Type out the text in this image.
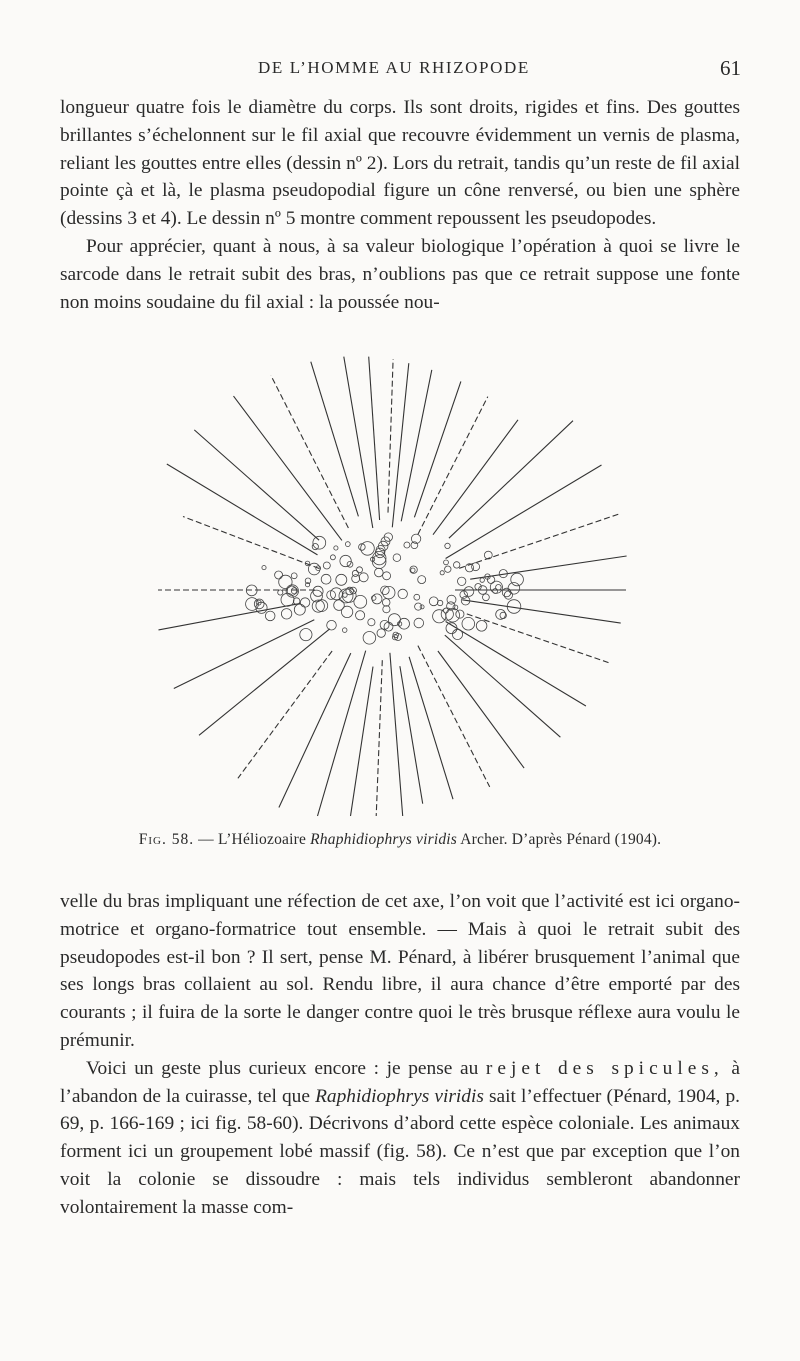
DE L’HOMME AU RHIZOPODE	61

longueur quatre fois le diamètre du corps. Ils sont droits, rigides et fins. Des gouttes brillantes s’échelonnent sur le fil axial que recouvre évidemment un vernis de plasma, reliant les gouttes entre elles (dessin nº 2). Lors du retrait, tandis qu’un reste de fil axial pointe çà et là, le plasma pseudopodial figure un cône renversé, ou bien une sphère (dessins 3 et 4). Le dessin nº 5 montre comment repoussent les pseudopodes.

Pour apprécier, quant à nous, à sa valeur biologique l’opération à quoi se livre le sarcode dans le retrait subit des bras, n’oublions pas que ce retrait suppose une fonte non moins soudaine du fil axial : la poussée nou-

Fig. 58. — L’Héliozoaire Rhaphidiophrys viridis Archer. D’après Pénard (1904).

velle du bras impliquant une réfection de cet axe, l’on voit que l’activité est ici organo-motrice et organo-formatrice tout ensemble. — Mais à quoi le retrait subit des pseudopodes est-il bon ? Il sert, pense M. Pénard, à libérer brusquement l’animal que ses longs bras collaient au sol. Rendu libre, il aura chance d’être emporté par des courants ; il fuira de la sorte le danger contre quoi le très brusque réflexe aura voulu le prémunir.

Voici un geste plus curieux encore : je pense au rejet des spicules, à l’abandon de la cuirasse, tel que Raphidiophrys viridis sait l’effectuer (Pénard, 1904, p. 69, p. 166-169 ; ici fig. 58-60). Décrivons d’abord cette espèce coloniale. Les animaux forment ici un groupement lobé massif (fig. 58). Ce n’est que par exception que l’on voit la colonie se dissoudre : mais tels individus sembleront abandonner volontairement la masse com-
